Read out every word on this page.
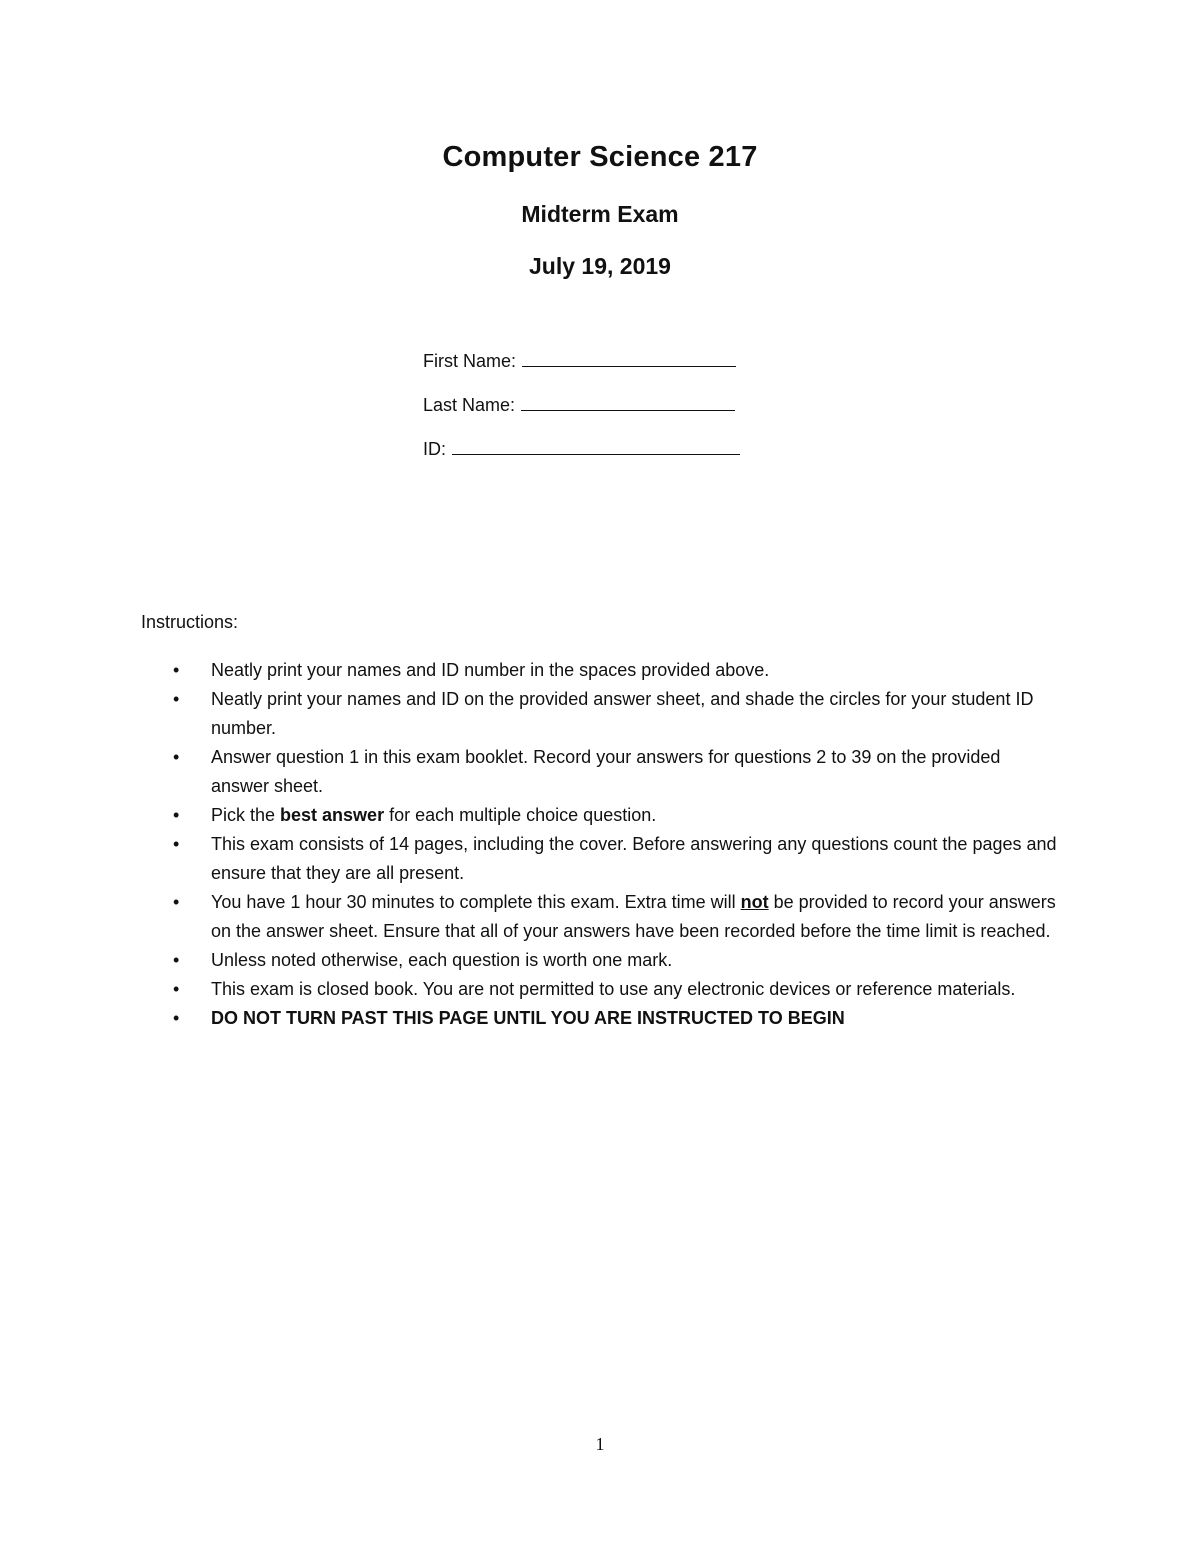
Computer Science 217
Midterm Exam
July 19, 2019
First Name:
Last Name:
ID:
Instructions:
• Neatly print your names and ID number in the spaces provided above.
• Neatly print your names and ID on the provided answer sheet, and shade the circles for your student ID number.
• Answer question 1 in this exam booklet. Record your answers for questions 2 to 39 on the provided answer sheet.
• Pick the best answer for each multiple choice question.
• This exam consists of 14 pages, including the cover. Before answering any questions count the pages and ensure that they are all present.
• You have 1 hour 30 minutes to complete this exam. Extra time will not be provided to record your answers on the answer sheet. Ensure that all of your answers have been recorded before the time limit is reached.
• Unless noted otherwise, each question is worth one mark.
• This exam is closed book. You are not permitted to use any electronic devices or reference materials.
• DO NOT TURN PAST THIS PAGE UNTIL YOU ARE INSTRUCTED TO BEGIN
1
